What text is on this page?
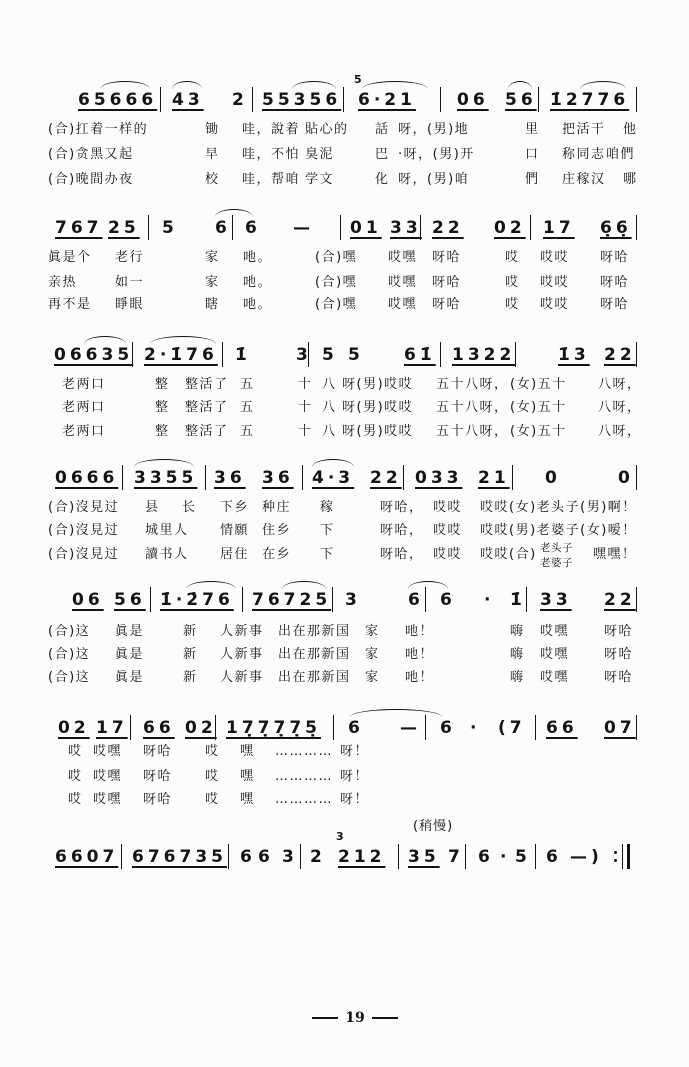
(稍慢)
19
65666 43 2 55356
5
6·21 06 56 1̇2776
767 25 5 6 6 — 01 33 22 02 17 6̣6̣
06635 2·1̇76 1̇	3 5 5 61̇ 1322	1̇3 22
0666 3355 36 36 4·3 22 033 21 0	0
06 56 1̇·2̇76 76725 3	6 6 · 1̇ 33 22
02 17 66 02 17̣7̣7̣7̣5̣ 6 — 6 · (7 66 07
6607 676735 6 6 3 2
3
212 35 7 6 · 5 6 —)
(合)扛着一样的	锄 哇，說着 貼心的 話 呀，(男)地	里 把活干 他
(合)贪黑又起	早 哇，不怕 臭泥	巴 ·呀，(男)开	口 称同志 咱們
(合)晚間办夜	校 哇，帮咱 学文	化 呀，(男)咱	們 庄稼汉 哪
眞是个 老行	家 吔。	(合)嘿 哎嘿 呀哈	哎 哎哎 呀哈
亲热	如一	家 吔。	(合)嘿 哎嘿 呀哈	哎 哎哎 呀哈
再不是 睜眼	瞎 吔。	(合)嘿 哎嘿 呀哈	哎 哎哎 呀哈
老两口	整 整活了 五	十 八 呀(男)哎哎 五十八呀， (女)五十 八呀，
老两口	整 整活了 五	十 八 呀(男)哎哎 五十八呀， (女)五十 八呀，
老两口	整 整活了 五	十 八 呀(男)哎哎 五十八呀， (女)五十 八呀，
(合)沒見过 县 长 下乡 种庄 稼	呀哈， 哎哎 哎哎(女)老头子(男)啊！
(合)沒見过 城里人 情願 住乡 下	呀哈， 哎哎 哎哎(男)老婆子(女)嗳！
(合)沒見过 讀书人 居住 在乡 下	呀哈， 哎哎 哎哎(合) 老头子
老婆子
嘿嘿！
(合)这 眞是	新 人新事 出在那新国 家 吔！	嗨 哎嘿	呀哈
(合)这 眞是	新 人新事 出在那新国 家 吔！	嗨 哎嘿	呀哈
(合)这 眞是	新 人新事 出在那新国 家 吔！	嗨 哎嘿	呀哈
哎 哎嘿 呀哈	哎 嘿 ………… 呀！
哎 哎嘿 呀哈	哎 嘿 ………… 呀！
哎 哎嘿 呀哈	哎 嘿 ………… 呀！
